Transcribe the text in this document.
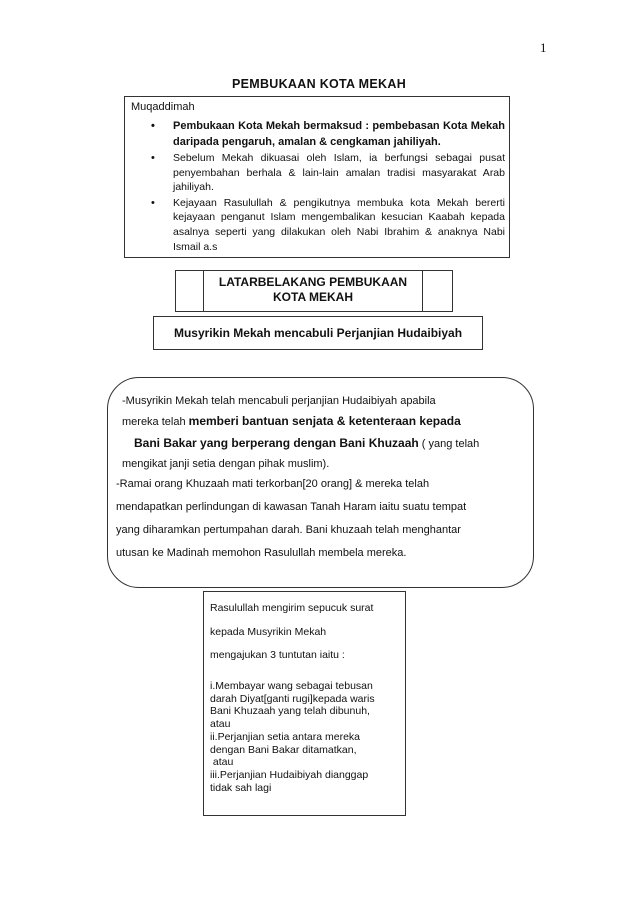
1
PEMBUKAAN KOTA MEKAH
Muqaddimah
• Pembukaan Kota Mekah bermaksud : pembebasan Kota Mekah daripada pengaruh, amalan & cengkaman jahiliyah.
• Sebelum Mekah dikuasai oleh Islam, ia berfungsi sebagai pusat penyembahan berhala & lain-lain amalan tradisi masyarakat Arab jahiliyah.
• Kejayaan Rasulullah & pengikutnya membuka kota Mekah bererti kejayaan penganut Islam mengembalikan kesucian Kaabah kepada asalnya seperti yang dilakukan oleh Nabi Ibrahim & anaknya Nabi Ismail a.s
LATARBELAKANG PEMBUKAAN
KOTA MEKAH
Musyrikin Mekah mencabuli Perjanjian Hudaibiyah
-Musyrikin Mekah telah mencabuli perjanjian Hudaibiyah apabila
mereka telah memberi bantuan senjata & ketenteraan kepada
Bani Bakar yang berperang dengan Bani Khuzaah ( yang telah
mengikat janji setia dengan pihak muslim).
-Ramai orang Khuzaah mati terkorban[20 orang] & mereka telah
mendapatkan perlindungan di kawasan Tanah Haram iaitu suatu tempat
yang diharamkan pertumpahan darah. Bani khuzaah telah menghantar
utusan ke Madinah memohon Rasulullah membela mereka.
Rasulullah mengirim sepucuk surat
kepada Musyrikin Mekah
mengajukan 3 tuntutan iaitu :
i.Membayar wang sebagai tebusan
darah Diyat[ganti rugi]kepada waris
Bani Khuzaah yang telah dibunuh,
atau
ii.Perjanjian setia antara mereka
dengan Bani Bakar ditamatkan,
atau
iii.Perjanjian Hudaibiyah dianggap
tidak sah lagi
